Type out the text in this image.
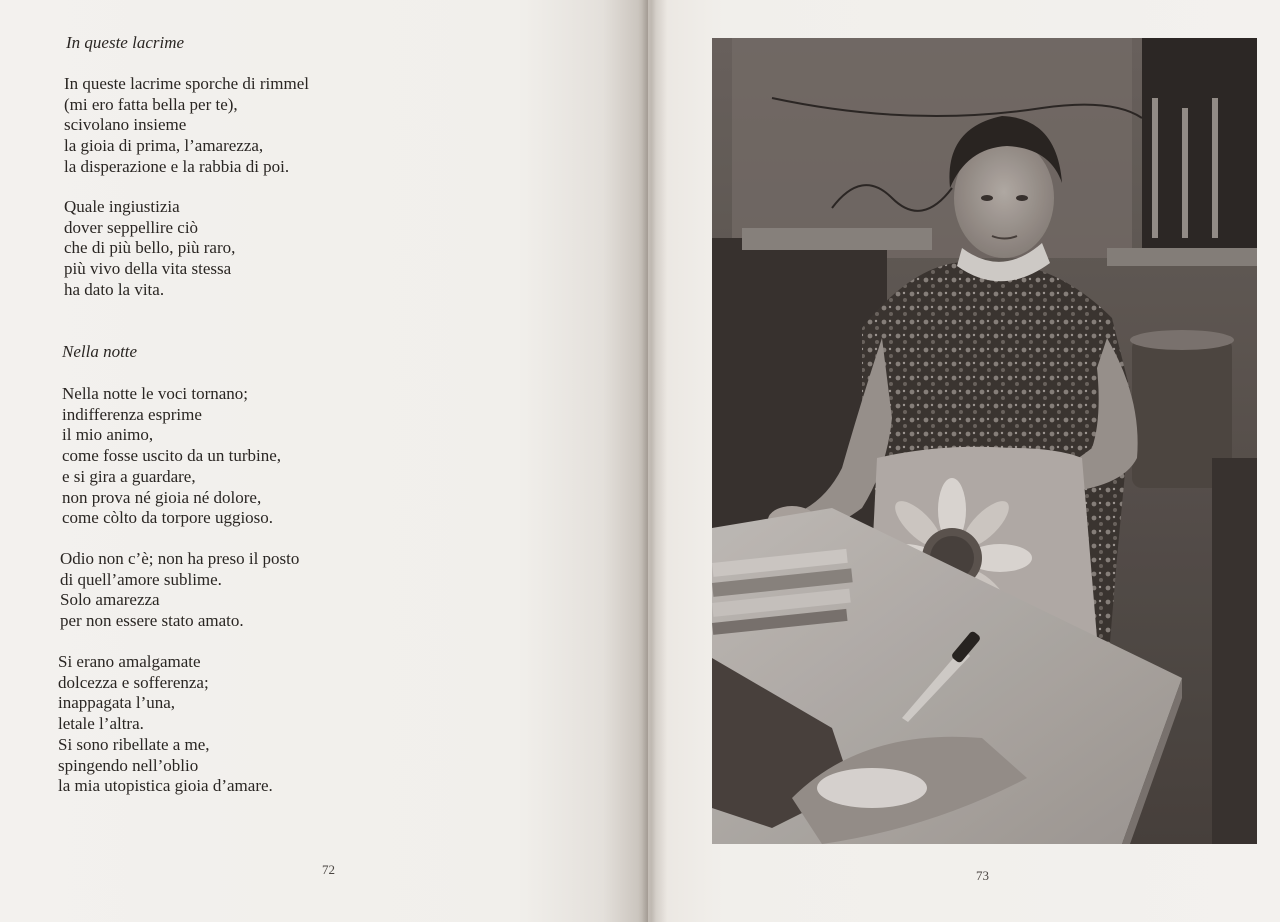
In queste lacrime

In queste lacrime sporche di rimmel
(mi ero fatta bella per te),
scivolano insieme
la gioia di prima, l’amarezza,
la disperazione e la rabbia di poi.

Quale ingiustizia
dover seppellire ciò
che di più bello, più raro,
più vivo della vita stessa
ha dato la vita.

Nella notte

Nella notte le voci tornano;
indifferenza esprime
il mio animo,
come fosse uscito da un turbine,
e si gira a guardare,
non prova né gioia né dolore,
come còlto da torpore uggioso.

Odio non c’è; non ha preso il posto
di quell’amore sublime.
Solo amarezza
per non essere stato amato.

Si erano amalgamate
dolcezza e sofferenza;
inappagata l’una,
letale l’altra.
Si sono ribellate a me,
spingendo nell’oblio
la mia utopistica gioia d’amare.

72	73
